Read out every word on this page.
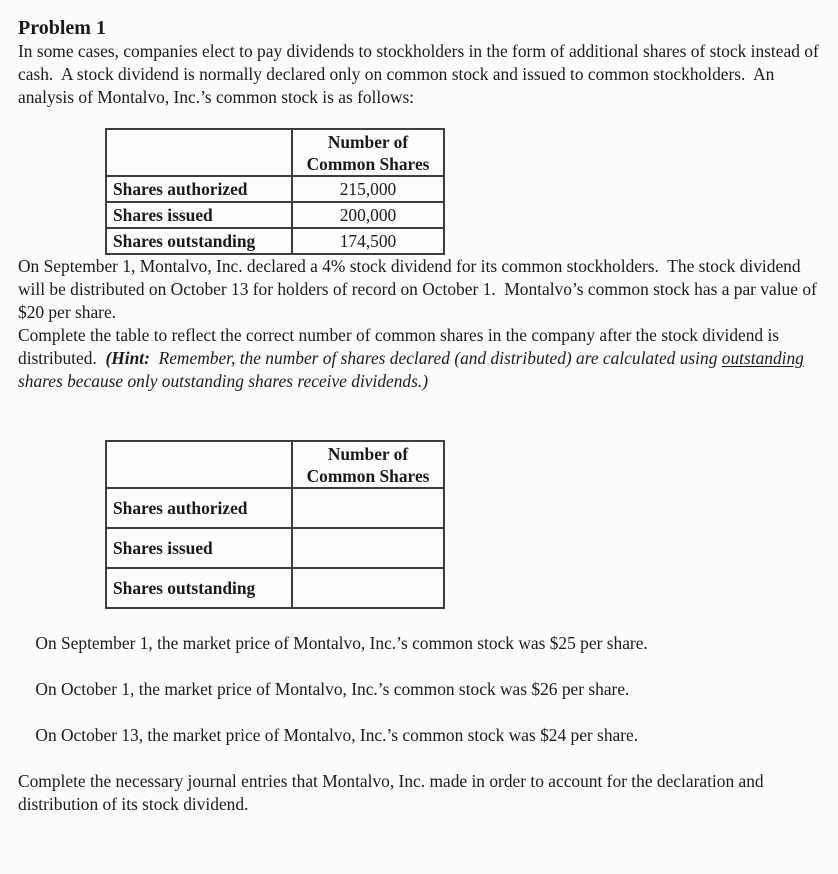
Problem 1

In some cases, companies elect to pay dividends to stockholders in the form of additional shares of stock instead of cash.  A stock dividend is normally declared only on common stock and issued to common stockholders.  An analysis of Montalvo, Inc.’s common stock is as follows:

	Number of
Common Shares

Shares authorized	215,000
Shares issued	200,000
Shares outstanding	174,500

On September 1, Montalvo, Inc. declared a 4% stock dividend for its common stockholders.  The stock dividend will be distributed on October 13 for holders of record on October 1.  Montalvo’s common stock has a par value of $20 per share.

Complete the table to reflect the correct number of common shares in the company after the stock dividend is distributed.  (Hint:  Remember, the number of shares declared (and distributed) are calculated using outstanding shares because only outstanding shares receive dividends.)

	Number of
Common Shares

Shares authorized	
Shares issued	
Shares outstanding	

On September 1, the market price of Montalvo, Inc.’s common stock was $25 per share.

On October 1, the market price of Montalvo, Inc.’s common stock was $26 per share.

On October 13, the market price of Montalvo, Inc.’s common stock was $24 per share.

Complete the necessary journal entries that Montalvo, Inc. made in order to account for the declaration and distribution of its stock dividend.
